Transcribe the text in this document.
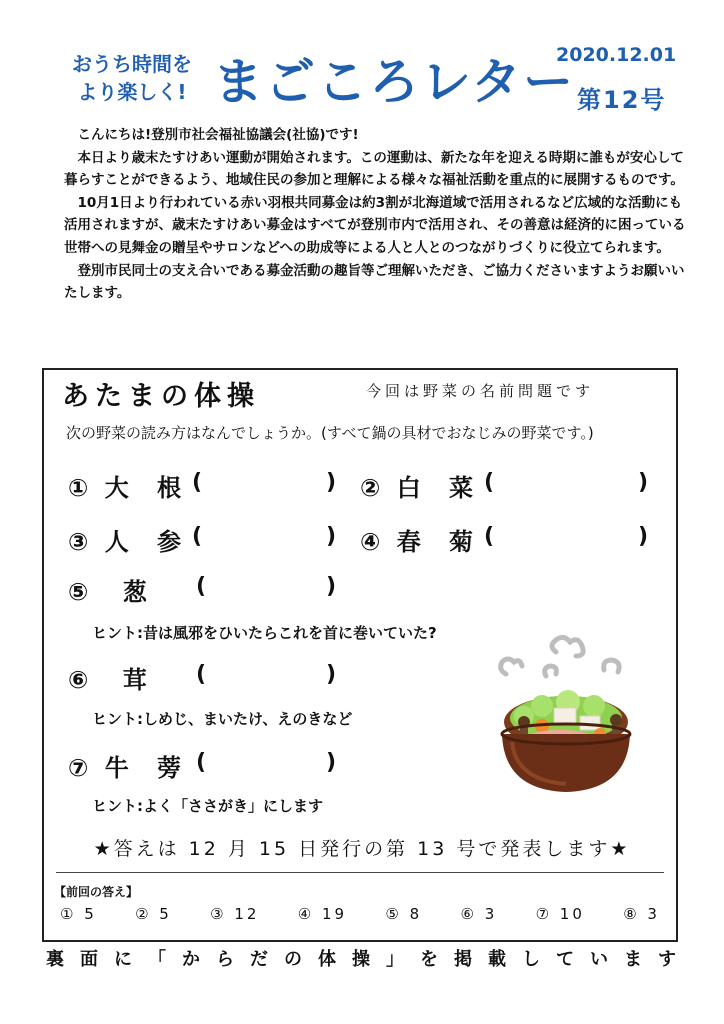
おうち時間を
より楽しく! まごころレター
2020.12.01
第12号

こんにちは!登別市社会福祉協議会(社協)です!

本日より歳末たすけあい運動が開始されます。この運動は、新たな年を迎える時期に誰もが安心して暮らすことができるよう、地域住民の参加と理解による様々な福祉活動を重点的に展開するものです。

10月1日より行われている赤い羽根共同募金は約3割が北海道域で活用されるなど広域的な活動にも活用されますが、歳末たすけあい募金はすべてが登別市内で活用され、その善意は経済的に困っている世帯への見舞金の贈呈やサロンなどへの助成等による人と人とのつながりづくりに役立てられます。

登別市民同士の支え合いである募金活動の趣旨等ご理解いただき、ご協力くださいますようお願いいたします。

あたまの体操	今回は野菜の名前問題です
次の野菜の読み方はなんでしょうか。(すべて鍋の具材でおなじみの野菜です。)
① 大 根 (	) ② 白 菜 (	)
③ 人 参 (	) ④ 春 菊 (	)
⑤ 葱 (	)
ヒント:昔は風邪をひいたらこれを首に巻いていた?
⑥ 茸 (	)
ヒント:しめじ、まいたけ、えのきなど
⑦ 牛 蒡 (	)
ヒント:よく「ささがき」にします
★答えは 12 月 15 日発行の第 13 号で発表します★
【前回の答え】
① 5	② 5	③ 12	④ 19	⑤ 8	⑥ 3	⑦ 10	⑧ 3
裏 面 に 「 か ら だ の 体 操 」 を 掲 載 し て い ま す
